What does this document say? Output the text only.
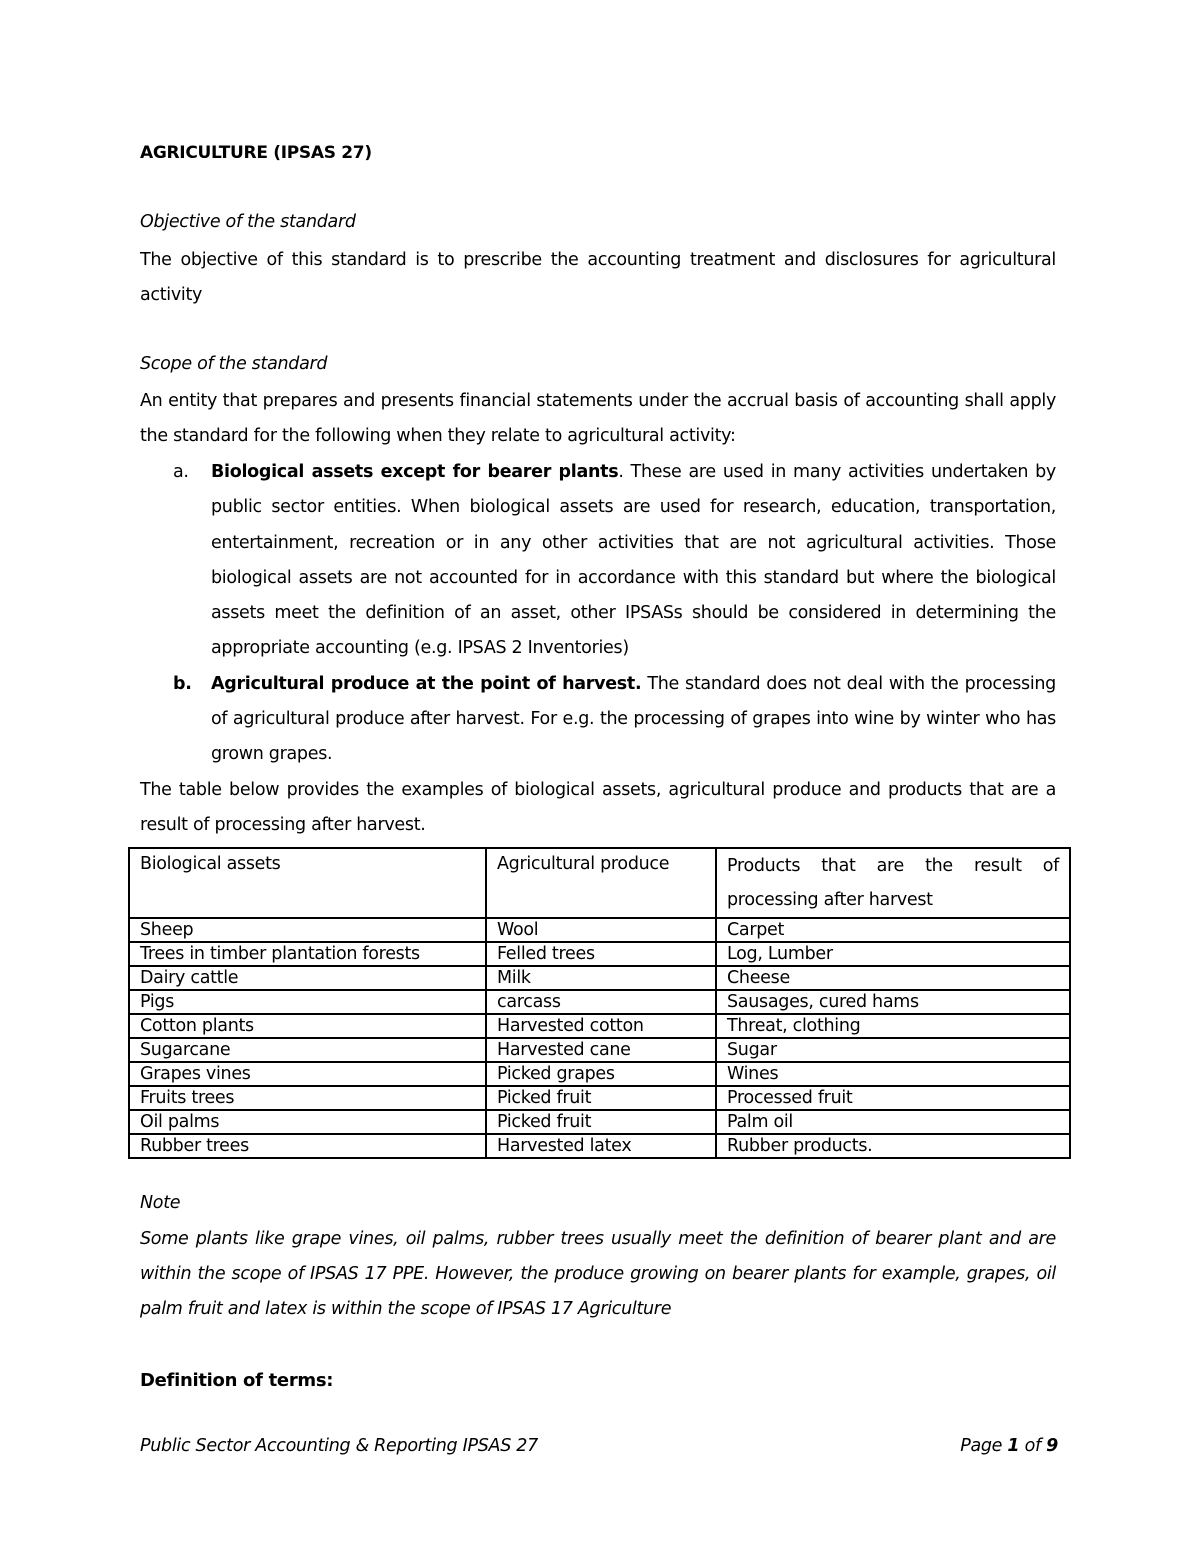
AGRICULTURE (IPSAS 27)

Objective of the standard

The objective of this standard is to prescribe the accounting treatment and disclosures for agricultural activity

Scope of the standard

An entity that prepares and presents financial statements under the accrual basis of accounting shall apply the standard for the following when they relate to agricultural activity:

a. Biological assets except for bearer plants. These are used in many activities undertaken by public sector entities. When biological assets are used for research, education, transportation, entertainment, recreation or in any other activities that are not agricultural activities. Those biological assets are not accounted for in accordance with this standard but where the biological assets meet the definition of an asset, other IPSASs should be considered in determining the appropriate accounting (e.g. IPSAS 2 Inventories)
b. Agricultural produce at the point of harvest. The standard does not deal with the processing of agricultural produce after harvest. For e.g. the processing of grapes into wine by winter who has grown grapes.

The table below provides the examples of biological assets, agricultural produce and products that are a result of processing after harvest.

Biological assets	Agricultural produce	Products that are the result of processing after harvest
Sheep	Wool	Carpet
Trees in timber plantation forests	Felled trees	Log, Lumber
Dairy cattle	Milk	Cheese
Pigs	carcass	Sausages, cured hams
Cotton plants	Harvested cotton	Threat, clothing
Sugarcane	Harvested cane	Sugar
Grapes vines	Picked grapes	Wines
Fruits trees	Picked fruit	Processed fruit
Oil palms	Picked fruit	Palm oil
Rubber trees	Harvested latex	Rubber products.

Note

Some plants like grape vines, oil palms, rubber trees usually meet the definition of bearer plant and are within the scope of IPSAS 17 PPE. However, the produce growing on bearer plants for example, grapes, oil palm fruit and latex is within the scope of IPSAS 17 Agriculture

Definition of terms:

Public Sector Accounting & Reporting IPSAS 27	Page 1 of 9
